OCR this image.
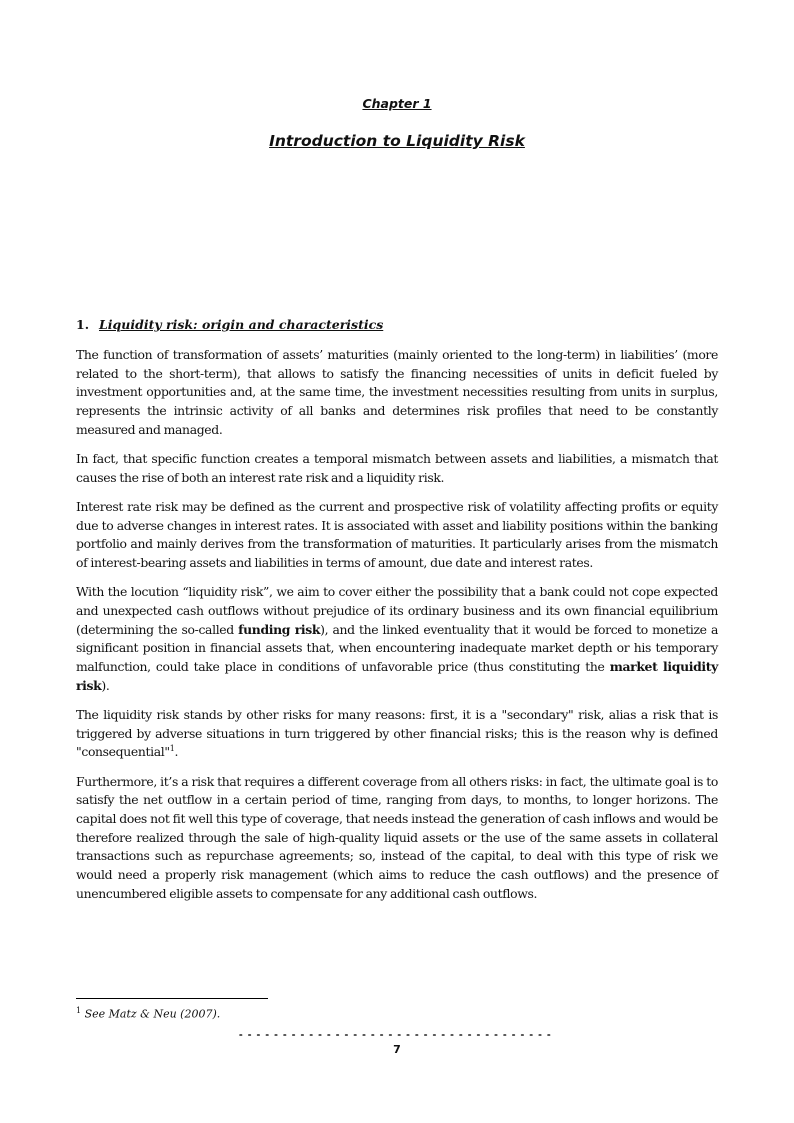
Chapter 1
Introduction to Liquidity Risk
1. Liquidity risk: origin and characteristics

The function of transformation of assets’ maturities (mainly oriented to the long-term) in liabilities’ (more related to the short-term), that allows to satisfy the financing necessities of units in deficit fueled by investment opportunities and, at the same time, the investment necessities resulting from units in surplus, represents the intrinsic activity of all banks and determines risk profiles that need to be constantly measured and managed.

In fact, that specific function creates a temporal mismatch between assets and liabilities, a mismatch that causes the rise of both an interest rate risk and a liquidity risk.

Interest rate risk may be defined as the current and prospective risk of volatility affecting profits or equity due to adverse changes in interest rates. It is associated with asset and liability positions within the banking portfolio and mainly derives from the transformation of maturities. It particularly arises from the mismatch of interest-bearing assets and liabilities in terms of amount, due date and interest rates.

With the locution “liquidity risk”, we aim to cover either the possibility that a bank could not cope expected and unexpected cash outflows without prejudice of its ordinary business and its own financial equilibrium (determining the so-called funding risk), and the linked eventuality that it would be forced to monetize a significant position in financial assets that, when encountering inadequate market depth or his temporary malfunction, could take place in conditions of unfavorable price (thus constituting the market liquidity risk).

The liquidity risk stands by other risks for many reasons: first, it is a "secondary" risk, alias a risk that is triggered by adverse situations in turn triggered by other financial risks; this is the reason why is defined "consequential"$^1$.

Furthermore, it’s a risk that requires a different coverage from all others risks: in fact, the ultimate goal is to satisfy the net outflow in a certain period of time, ranging from days, to months, to longer horizons. The capital does not fit well this type of coverage, that needs instead the generation of cash inflows and would be therefore realized through the sale of high-quality liquid assets or the use of the same assets in collateral transactions such as repurchase agreements; so, instead of the capital, to deal with this type of risk we would need a properly risk management (which aims to reduce the cash outflows) and the presence of unencumbered eligible assets to compensate for any additional cash outflows.

$^1$ See Matz & Neu (2007).
7
